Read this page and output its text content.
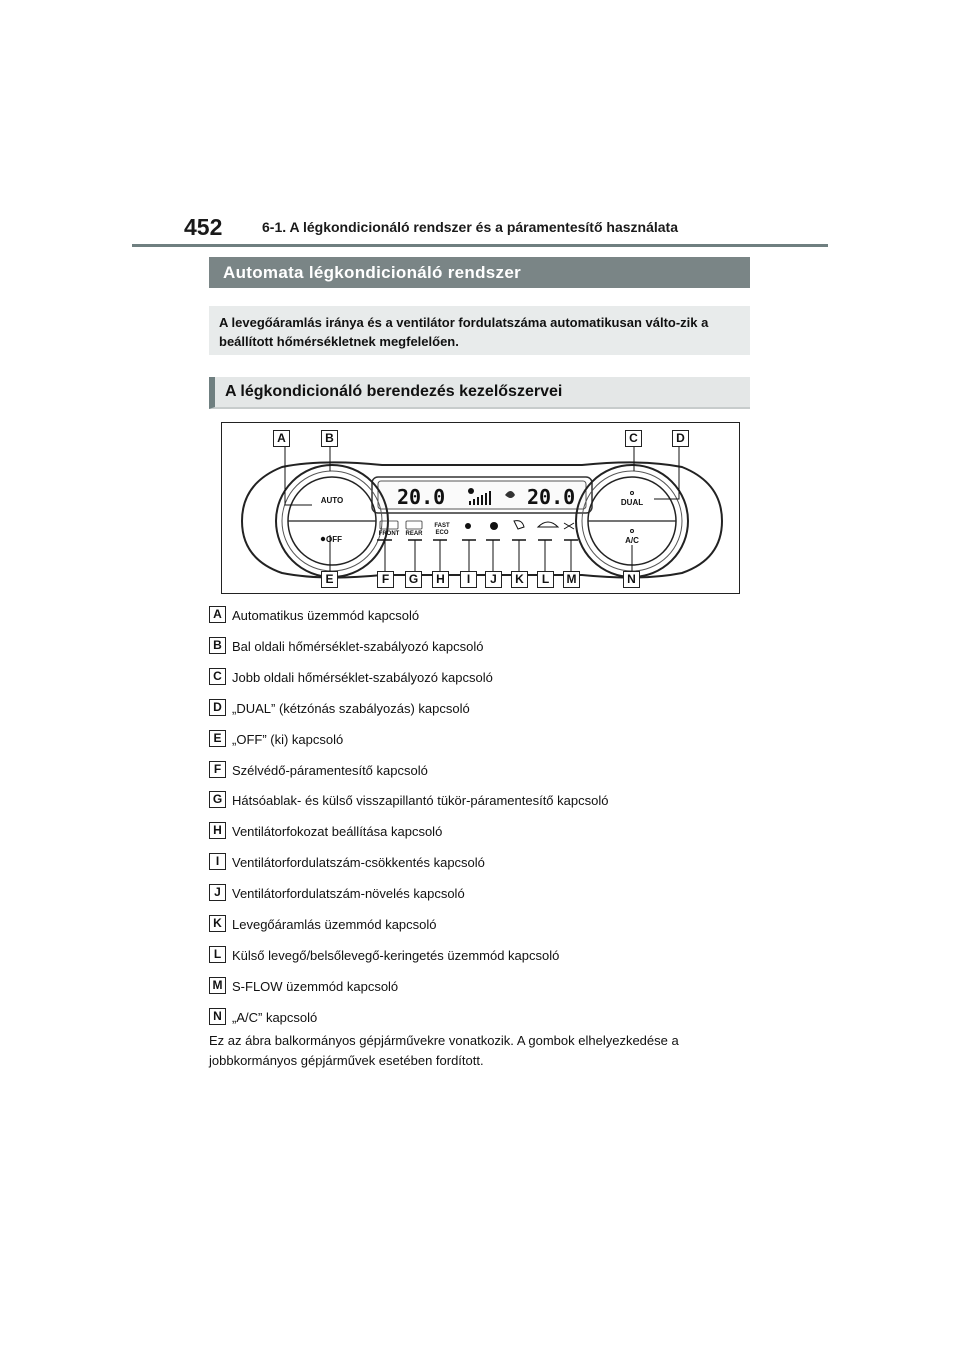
452	6-1. A légkondicionáló rendszer és a páramentesítő használata
Automata légkondicionáló rendszer
A levegőáramlás iránya és a ventilátor fordulatszáma automatikusan válto-zik a beállított hőmérsékletnek megfelelően.
A légkondicionáló berendezés kezelőszervei
20.0	20.0
AUTO
OFF
DUAL
A/C
FRONT REAR
FAST
ECO
A	B	C	D
E	F	G	H	I	J	K	L	M	N
A Automatikus üzemmód kapcsoló
B Bal oldali hőmérséklet-szabályozó kapcsoló
C Jobb oldali hőmérséklet-szabályozó kapcsoló
D „DUAL” (kétzónás szabályozás) kapcsoló
E „OFF” (ki) kapcsoló
F Szélvédő-páramentesítő kapcsoló
G Hátsóablak- és külső visszapillantó tükör-páramentesítő kapcsoló
H Ventilátorfokozat beállítása kapcsoló
I Ventilátorfordulatszám-csökkentés kapcsoló
J Ventilátorfordulatszám-növelés kapcsoló
K Levegőáramlás üzemmód kapcsoló
L Külső levegő/belsőlevegő-keringetés üzemmód kapcsoló
M S-FLOW üzemmód kapcsoló
N „A/C” kapcsoló
Ez az ábra balkormányos gépjárművekre vonatkozik. A gombok elhelyezkedése a jobbkormányos gépjárművek esetében fordított.
